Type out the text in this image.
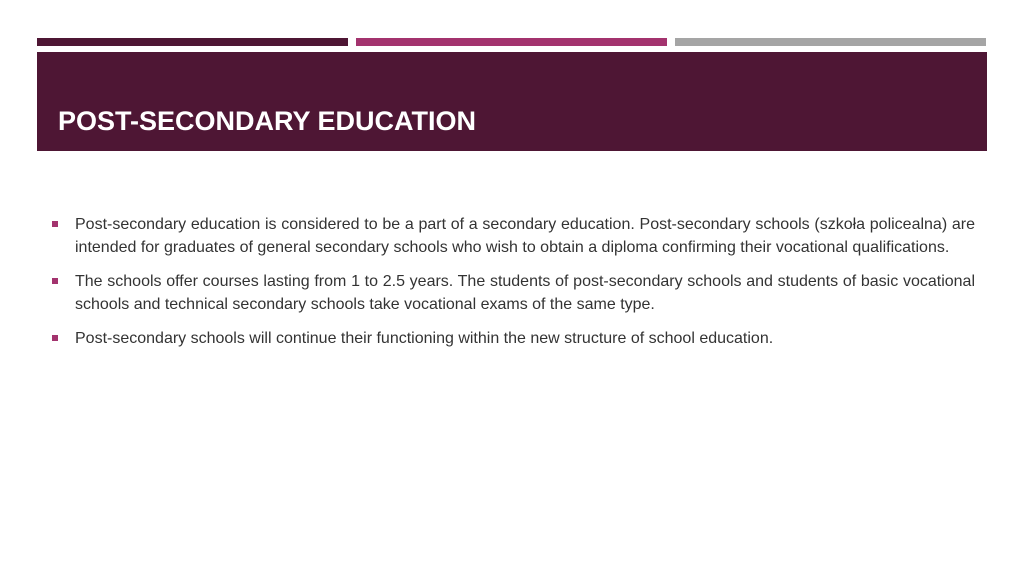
POST-SECONDARY EDUCATION
Post-secondary education is considered to be a part of a secondary education. Post-secondary schools (szkoła policealna) are intended for graduates of general secondary schools who wish to obtain a diploma confirming their vocational qualifications.
The schools offer courses lasting from 1 to 2.5 years. The students of post-secondary schools and students of basic vocational schools and technical secondary schools take vocational exams of the same type.
Post-secondary schools will continue their functioning within the new structure of school education.
